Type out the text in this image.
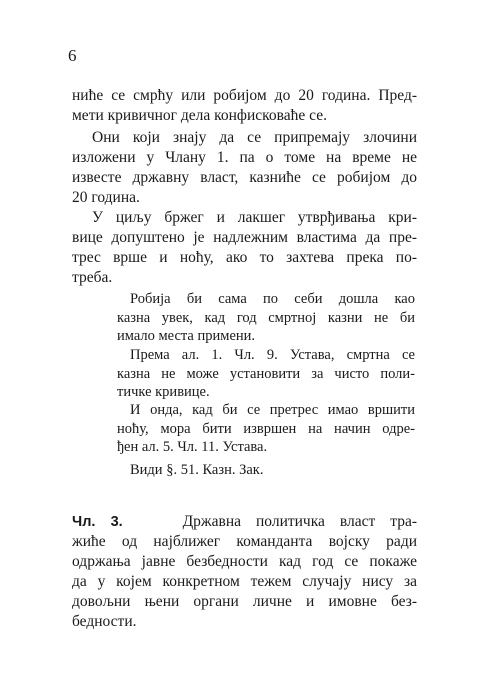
6
ниће се смрћу или робијом до 20 година. Пред-
мети кривичног дела конфисковаће се.
Они који знају да се припремају злочини
изложени у Члану 1. па о томе на време не
известе државну власт, казниће се робијом до
20 година.
У циљу бржег и лакшег утврђивања кри-
вице допуштено је надлежним властима да пре-
трес врше и ноћу, ако то захтева прека по-
треба.
Робија би сама по себи дошла као
казна увек, кад год смртној казни не би
имало места примени.
Према ал. 1. Чл. 9. Устава, смртна се
казна не може установити за чисто поли-
тичке кривице.
И онда, кад би се претрес имао вршити
ноћу, мора бити извршен на начин одре-
ђен ал. 5. Чл. 11. Устава.
Види §. 51. Казн. Зак.
Чл. 3.	Државна политичка власт тра-
жиће од најближег команданта војску ради
одржања јавне безбедности кад год се покаже
да у којем конкретном тежем случају нису за
довољни њени органи личне и имовне без-
бедности.
